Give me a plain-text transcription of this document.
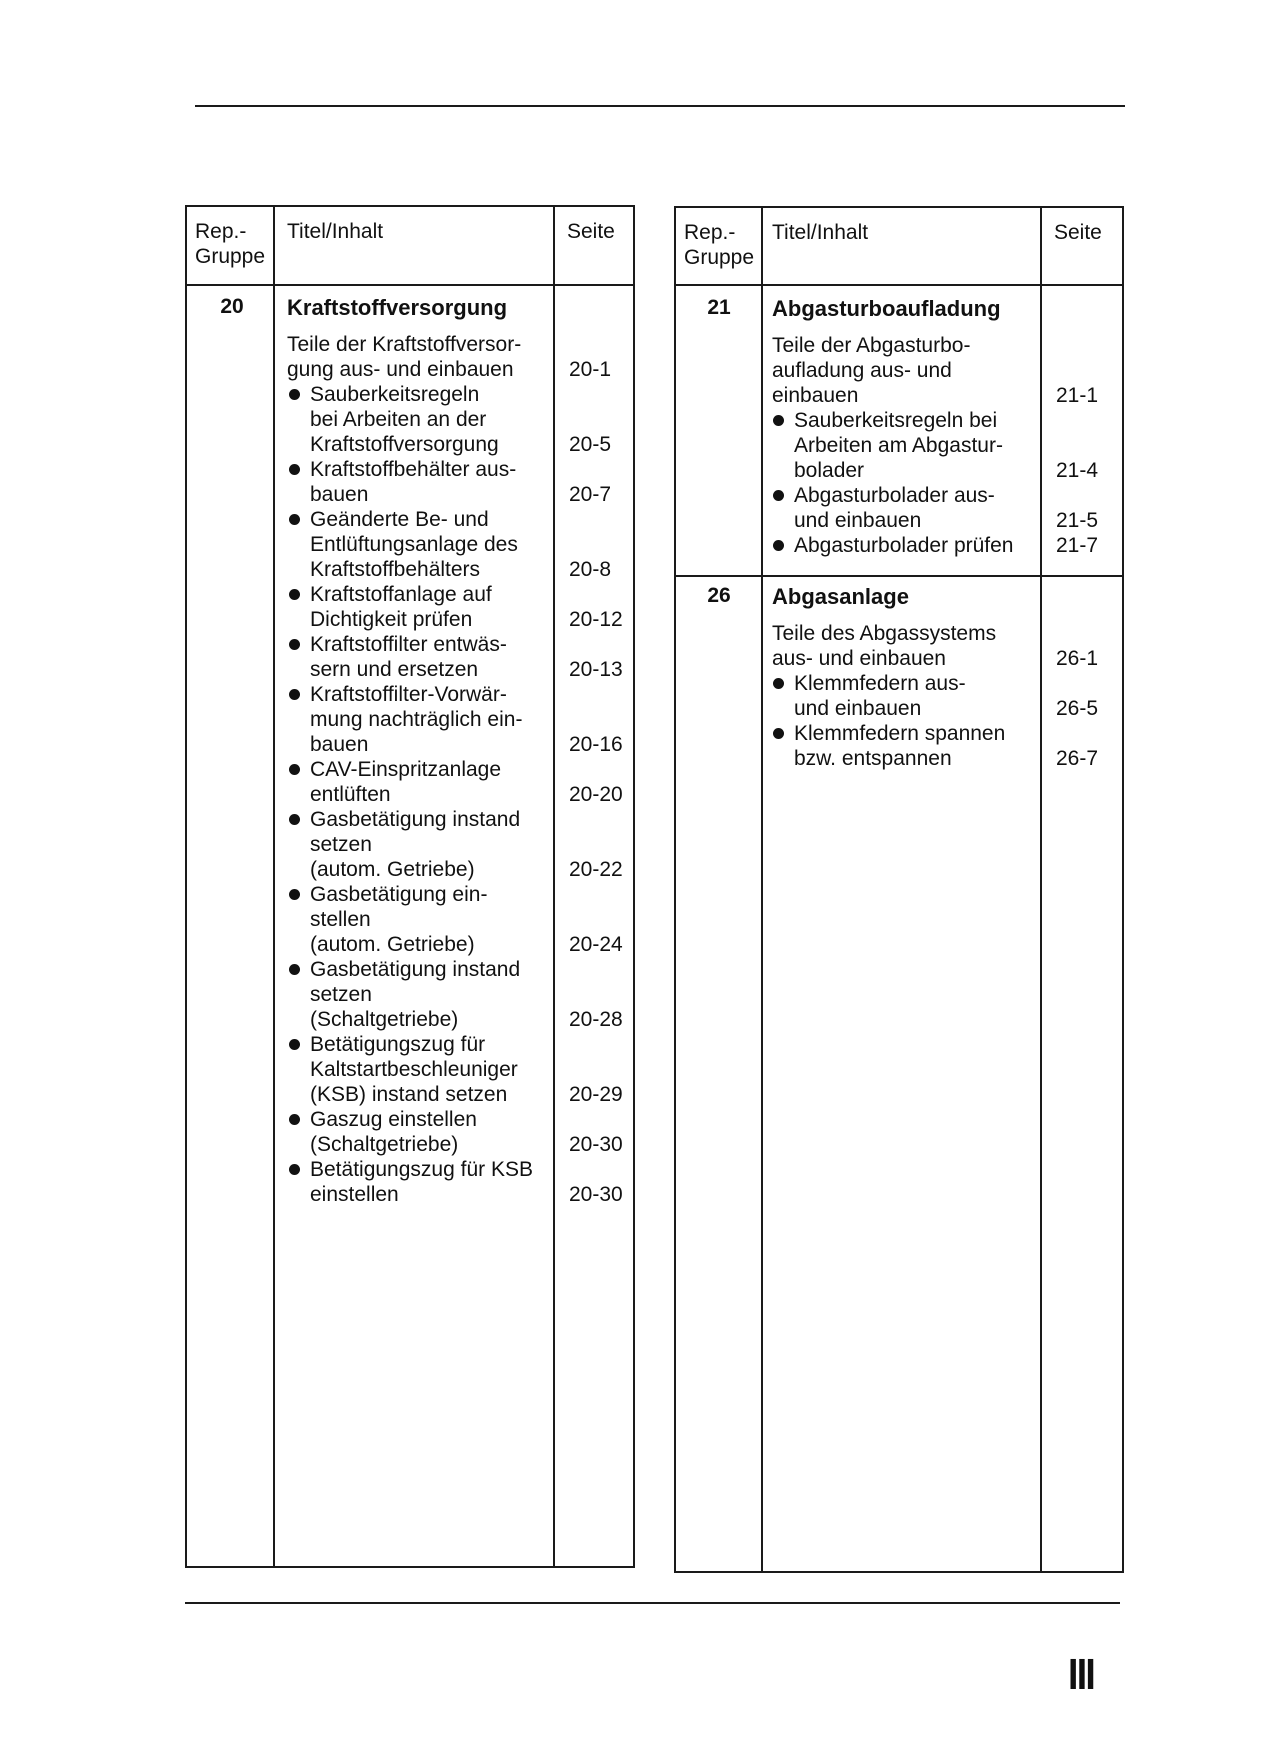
Rep.-
Gruppe
Titel/Inhalt	Seite
20	Kraftstoffversorgung
Teile der Kraftstoffversor-
gung aus- und einbauen	20-1
Sauberkeitsregeln
bei Arbeiten an der
Kraftstoffversorgung	20-5
Kraftstoffbehälter aus-
bauen	20-7
Geänderte Be- und
Entlüftungsanlage des
Kraftstoffbehälters	20-8
Kraftstoffanlage auf
Dichtigkeit prüfen	20-12
Kraftstoffilter entwäs-
sern und ersetzen	20-13
Kraftstoffilter-Vorwär-
mung nachträglich ein-
bauen	20-16
CAV-Einspritzanlage
entlüften	20-20
Gasbetätigung instand
setzen
(autom. Getriebe)	20-22
Gasbetätigung ein-
stellen
(autom. Getriebe)	20-24
Gasbetätigung instand
setzen
(Schaltgetriebe)	20-28
Betätigungszug für
Kaltstartbeschleuniger
(KSB) instand setzen	20-29
Gaszug einstellen
(Schaltgetriebe)	20-30
Betätigungszug für KSB
einstellen	20-30
Rep.-
Gruppe
Titel/Inhalt	Seite
21	Abgasturboaufladung
Teile der Abgasturbo-
aufladung aus- und
einbauen	21-1
Sauberkeitsregeln bei
Arbeiten am Abgastur-
bolader	21-4
Abgasturbolader aus-
und einbauen	21-5
Abgasturbolader prüfen 21-7
26	Abgasanlage
Teile des Abgassystems
aus- und einbauen	26-1
Klemmfedern aus-
und einbauen	26-5
Klemmfedern spannen
bzw. entspannen	26-7
III
